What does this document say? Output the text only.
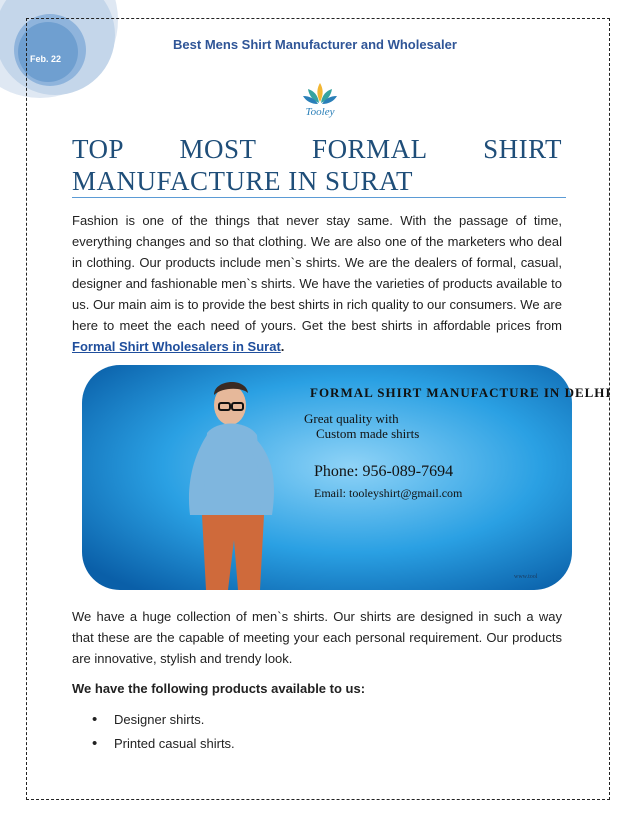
Feb. 22
Best Mens Shirt Manufacturer and Wholesaler
Tooley
TOP MOST FORMAL SHIRT
MANUFACTURE IN SURAT

Fashion is one of the things that never stay same. With the passage of time, everything changes and so that clothing. We are also one of the marketers who deal in clothing. Our products include men`s shirts. We are the dealers of formal, casual, designer and fashionable men`s shirts. We have the varieties of products available to us. Our main aim is to provide the best shirts in rich quality to our consumers. We are here to meet the each need of yours. Get the best shirts in affordable prices from Formal Shirt Wholesalers in Surat.

FORMAL SHIRT MANUFACTURE IN DELHI
Great quality with
Custom made shirts
Phone: 956-089-7694
Email: tooleyshirt@gmail.com
www.tool

We have a huge collection of men`s shirts. Our shirts are designed in such a way that these are the capable of meeting your each personal requirement. Our products are innovative, stylish and trendy look.

We have the following products available to us:
• Designer shirts.
• Printed casual shirts.
